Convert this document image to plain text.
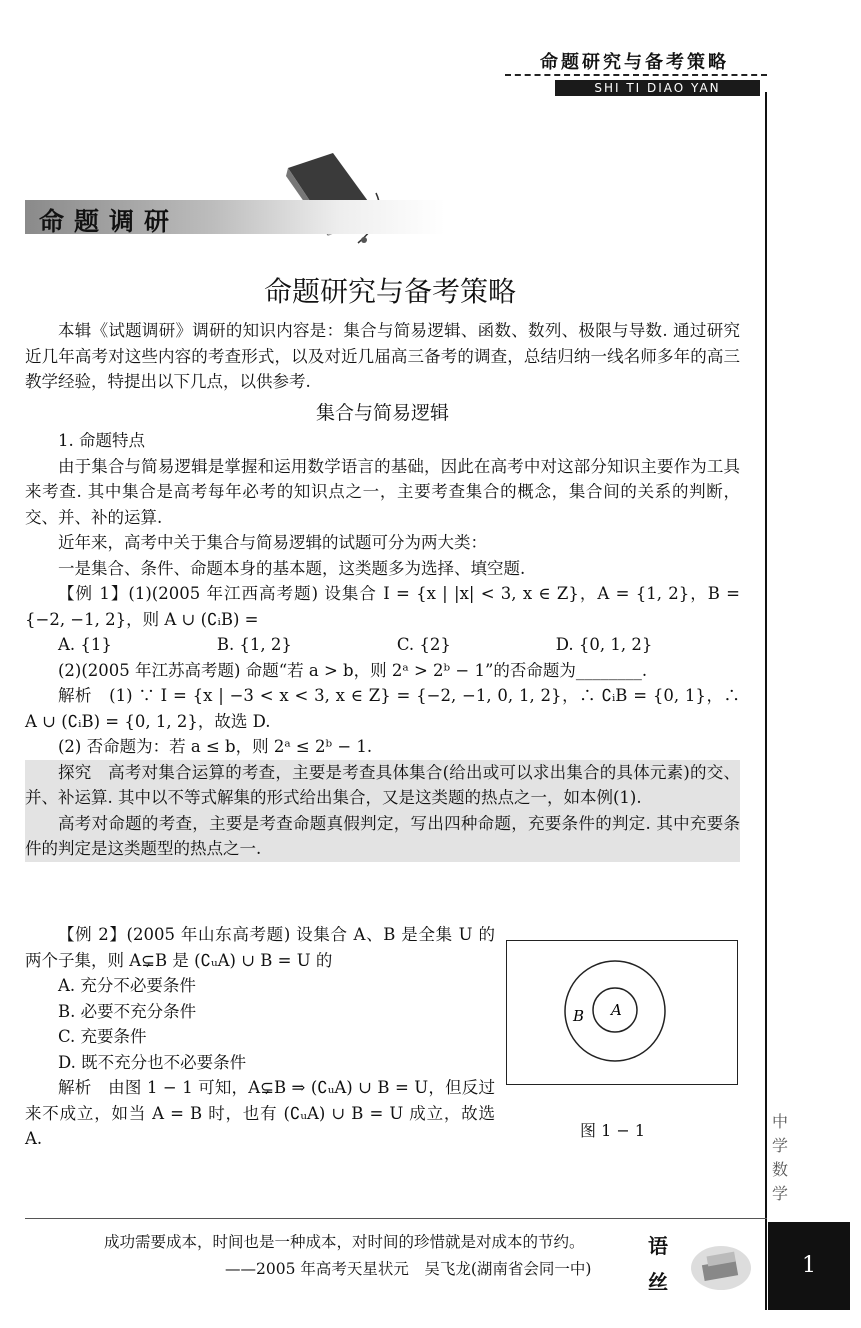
命题研究与备考策略
SHI TI DIAO YAN
命题调研
命题研究与备考策略

本辑《试题调研》调研的知识内容是：集合与简易逻辑、函数、数列、极限与导数. 通过研究近几年高考对这些内容的考查形式，以及对近几届高三备考的调查，总结归纳一线名师多年的高三教学经验，特提出以下几点，以供参考.

集合与简易逻辑

1. 命题特点

由于集合与简易逻辑是掌握和运用数学语言的基础，因此在高考中对这部分知识主要作为工具来考查. 其中集合是高考每年必考的知识点之一，主要考查集合的概念，集合间的关系的判断，交、并、补的运算.

近年来，高考中关于集合与简易逻辑的试题可分为两大类：

一是集合、条件、命题本身的基本题，这类题多为选择、填空题.

【例 1】(1)(2005 年江西高考题) 设集合 I = {x | |x| < 3, x ∈ Z}，A = {1, 2}，B = {−2, −1, 2}，则 A ∪ (∁ᵢB) =

A. {1}	B. {1, 2}	C. {2}	D. {0, 1, 2}

(2)(2005 年江苏高考题) 命题“若 a > b，则 2ᵃ > 2ᵇ − 1”的否命题为________.

解析　(1) ∵ I = {x | −3 < x < 3, x ∈ Z} = {−2, −1, 0, 1, 2}，∴ ∁ᵢB = {0, 1}，∴ A ∪ (∁ᵢB) = {0, 1, 2}，故选 D.

(2) 否命题为：若 a ≤ b，则 2ᵃ ≤ 2ᵇ − 1.

探究　高考对集合运算的考查，主要是考查具体集合(给出或可以求出集合的具体元素)的交、并、补运算. 其中以不等式解集的形式给出集合，又是这类题的热点之一，如本例(1).

高考对命题的考查，主要是考查命题真假判定，写出四种命题，充要条件的判定. 其中充要条件的判定是这类题型的热点之一.

【例 2】(2005 年山东高考题) 设集合 A、B 是全集 U 的两个子集，则 A⊊B 是 (∁ᵤA) ∪ B = U 的

A. 充分不必要条件

B. 必要不充分条件

C. 充要条件

D. 既不充分也不必要条件

解析　由图 1 − 1 可知，A⊊B ⇒ (∁ᵤA) ∪ B = U，但反过来不成立，如当 A = B 时，也有 (∁ᵤA) ∪ B = U 成立，故选 A.

B A
图 1 − 1	中学数学
成功需要成本，时间也是一种成本，对时间的珍惜就是对成本的节约。
——2005 年高考天星状元　吴飞龙(湖南省会同一中)
语
丝
1
